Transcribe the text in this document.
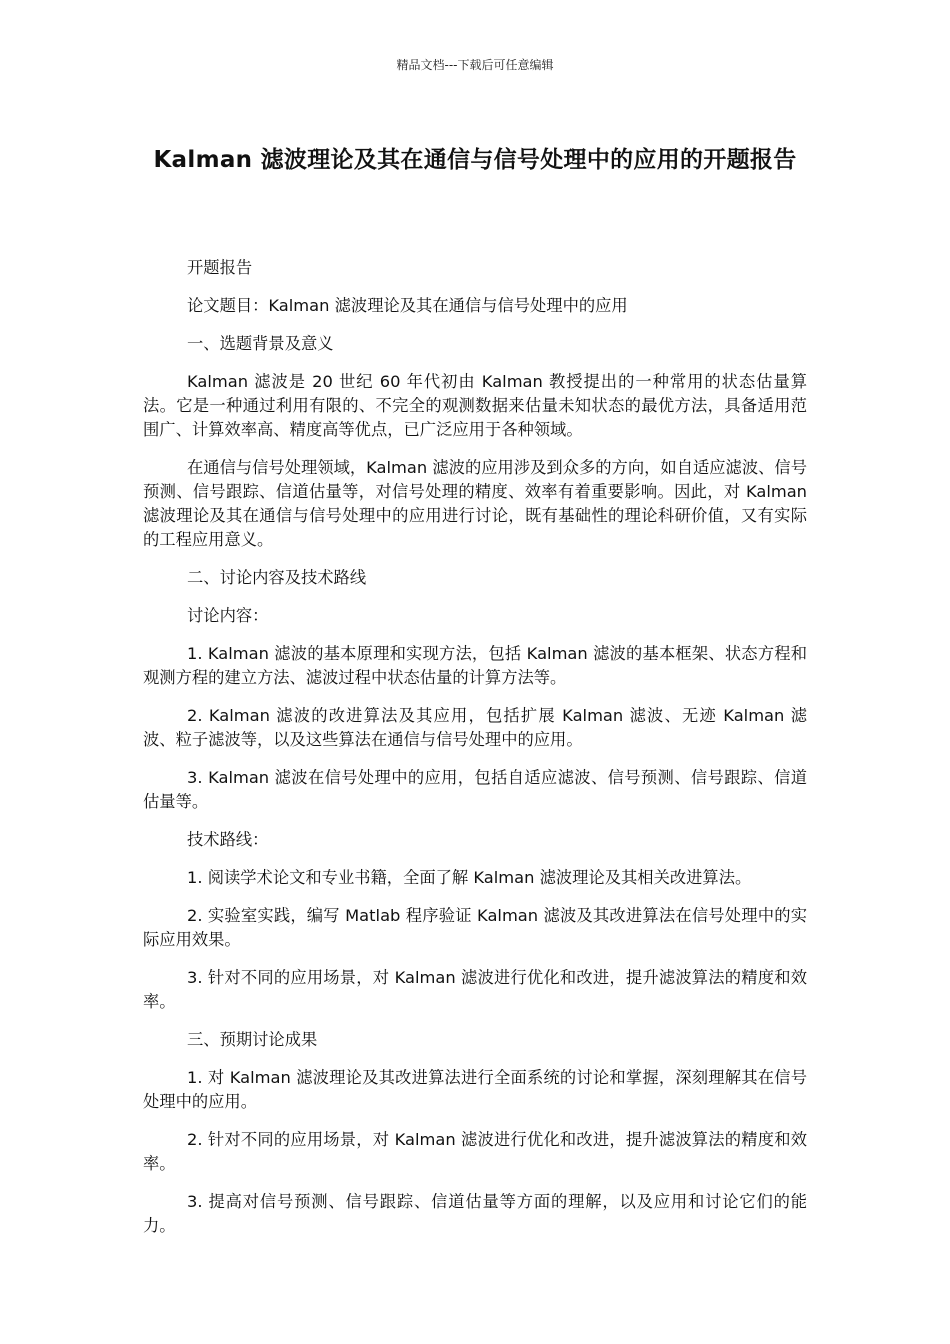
精品文档---下载后可任意编辑
Kalman 滤波理论及其在通信与信号处理中的应用的开题报告

开题报告

论文题目：Kalman 滤波理论及其在通信与信号处理中的应用

一、选题背景及意义

Kalman 滤波是 20 世纪 60 年代初由 Kalman 教授提出的一种常用的状态估量算法。它是一种通过利用有限的、不完全的观测数据来估量未知状态的最优方法，具备适用范围广、计算效率高、精度高等优点，已广泛应用于各种领域。

在通信与信号处理领域，Kalman 滤波的应用涉及到众多的方向，如自适应滤波、信号预测、信号跟踪、信道估量等，对信号处理的精度、效率有着重要影响。因此，对 Kalman 滤波理论及其在通信与信号处理中的应用进行讨论，既有基础性的理论科研价值，又有实际的工程应用意义。

二、讨论内容及技术路线

讨论内容：

1. Kalman 滤波的基本原理和实现方法，包括 Kalman 滤波的基本框架、状态方程和观测方程的建立方法、滤波过程中状态估量的计算方法等。

2. Kalman 滤波的改进算法及其应用，包括扩展 Kalman 滤波、无迹 Kalman 滤波、粒子滤波等，以及这些算法在通信与信号处理中的应用。

3. Kalman 滤波在信号处理中的应用，包括自适应滤波、信号预测、信号跟踪、信道估量等。

技术路线：

1. 阅读学术论文和专业书籍，全面了解 Kalman 滤波理论及其相关改进算法。

2. 实验室实践，编写 Matlab 程序验证 Kalman 滤波及其改进算法在信号处理中的实际应用效果。

3. 针对不同的应用场景，对 Kalman 滤波进行优化和改进，提升滤波算法的精度和效率。

三、预期讨论成果

1. 对 Kalman 滤波理论及其改进算法进行全面系统的讨论和掌握，深刻理解其在信号处理中的应用。

2. 针对不同的应用场景，对 Kalman 滤波进行优化和改进，提升滤波算法的精度和效率。

3. 提高对信号预测、信号跟踪、信道估量等方面的理解，以及应用和讨论它们的能力。
